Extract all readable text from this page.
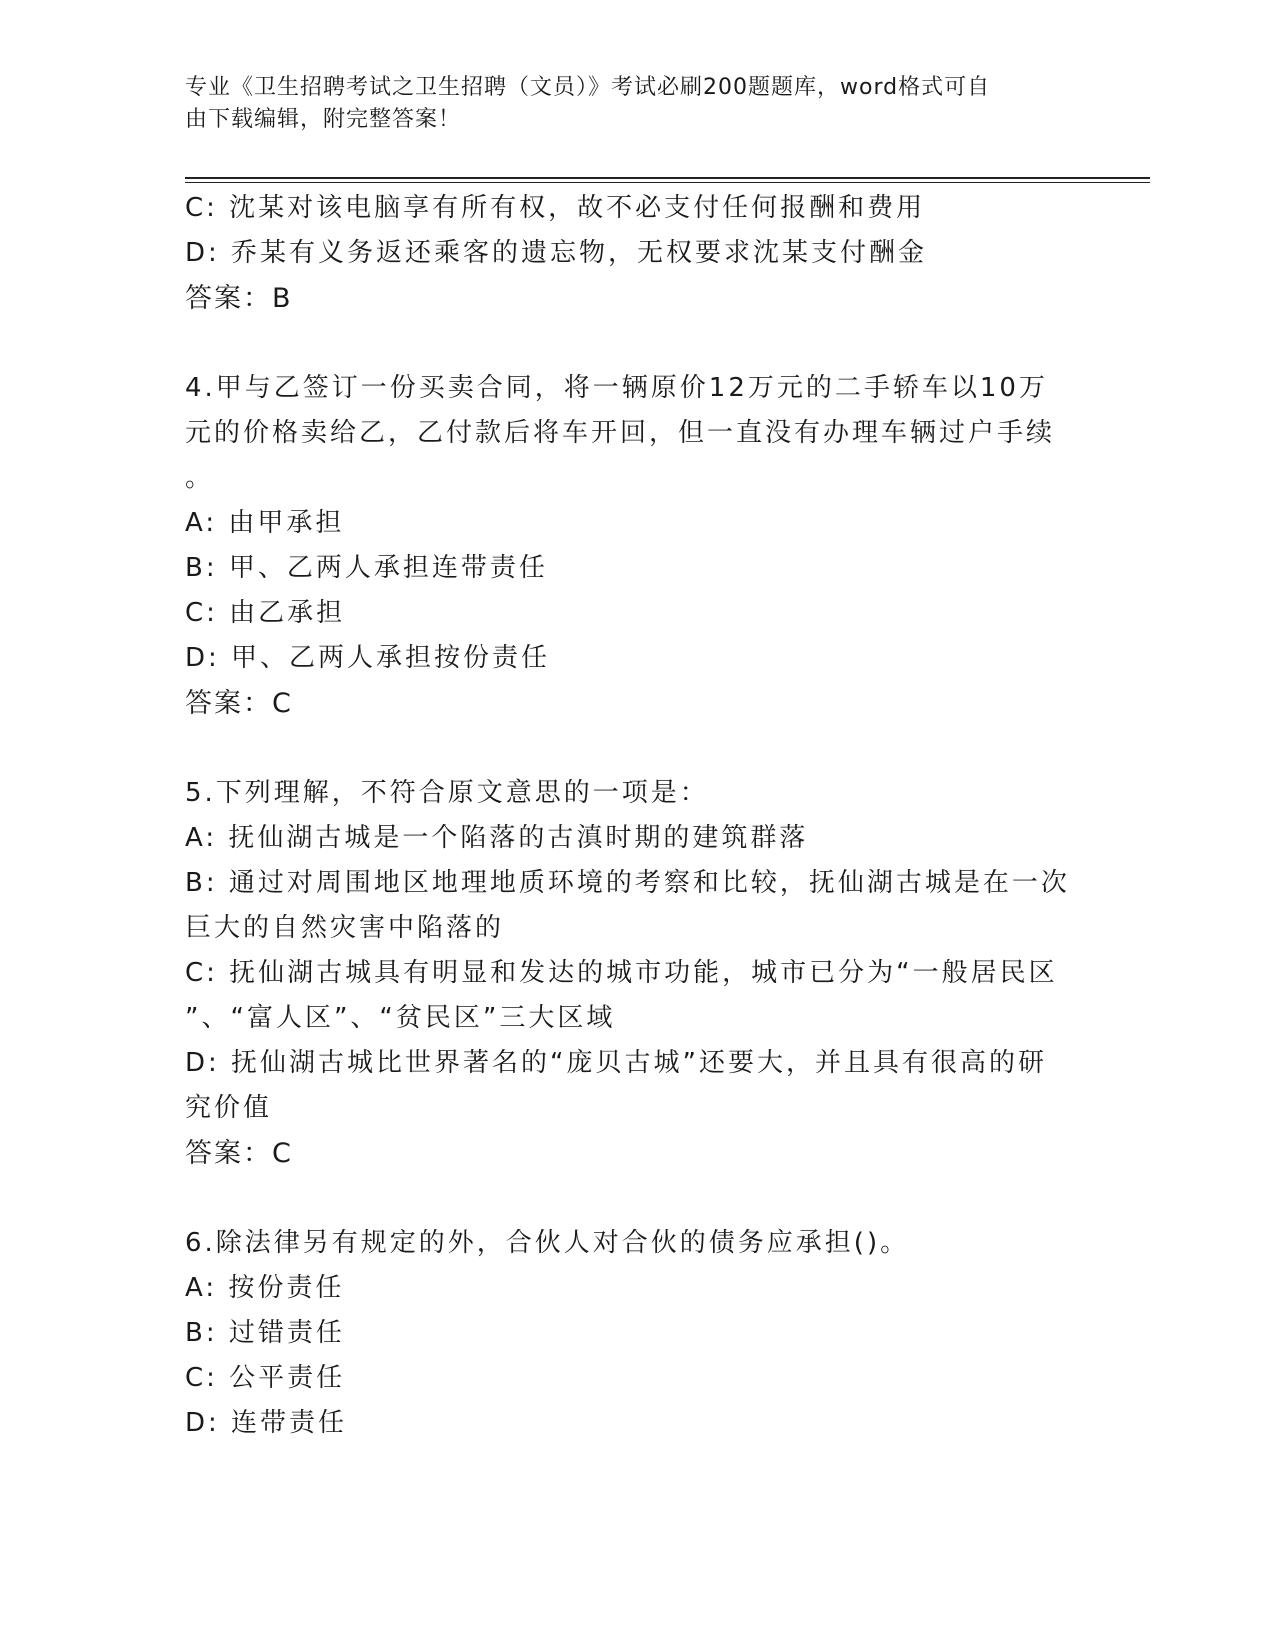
专业《卫生招聘考试之卫生招聘（文员）》考试必刷200题题库，word格式可自
由下载编辑，附完整答案！
C: 沈某对该电脑享有所有权，故不必支付任何报酬和费用
D: 乔某有义务返还乘客的遗忘物，无权要求沈某支付酬金
答案：B
4.甲与乙签订一份买卖合同，将一辆原价12万元的二手轿车以10万
元的价格卖给乙，乙付款后将车开回，但一直没有办理车辆过户手续
。
A: 由甲承担
B: 甲、乙两人承担连带责任
C: 由乙承担
D: 甲、乙两人承担按份责任
答案：C
5.下列理解，不符合原文意思的一项是：
A: 抚仙湖古城是一个陷落的古滇时期的建筑群落
B: 通过对周围地区地理地质环境的考察和比较，抚仙湖古城是在一次
巨大的自然灾害中陷落的
C: 抚仙湖古城具有明显和发达的城市功能，城市已分为“一般居民区
”、“富人区”、“贫民区”三大区域
D: 抚仙湖古城比世界著名的“庞贝古城”还要大，并且具有很高的研
究价值
答案：C
6.除法律另有规定的外，合伙人对合伙的债务应承担()。
A: 按份责任
B: 过错责任
C: 公平责任
D: 连带责任
